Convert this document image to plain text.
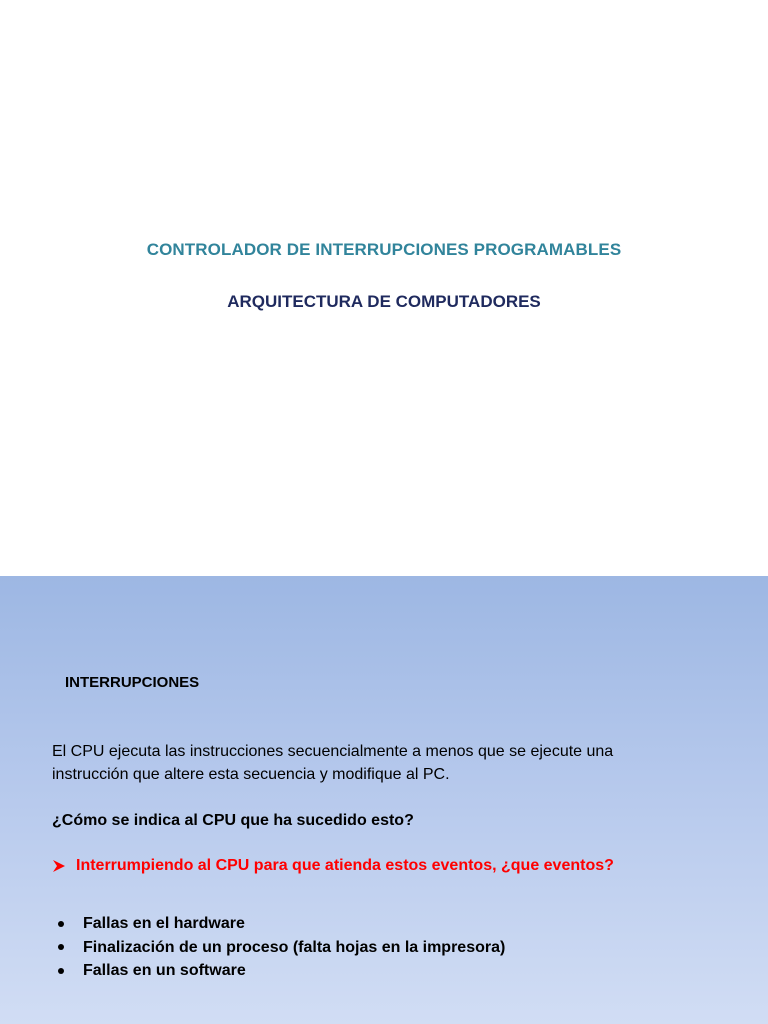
CONTROLADOR DE INTERRUPCIONES PROGRAMABLES
ARQUITECTURA DE COMPUTADORES
INTERRUPCIONES
El CPU ejecuta las instrucciones secuencialmente a menos que se ejecute una instrucción que altere esta secuencia y modifique al PC.
¿Cómo se indica al CPU que ha sucedido esto?
Interrumpiendo al CPU para que atienda estos eventos, ¿que eventos?
Fallas en el hardware
Finalización de un proceso (falta hojas en la impresora)
Fallas en un software
